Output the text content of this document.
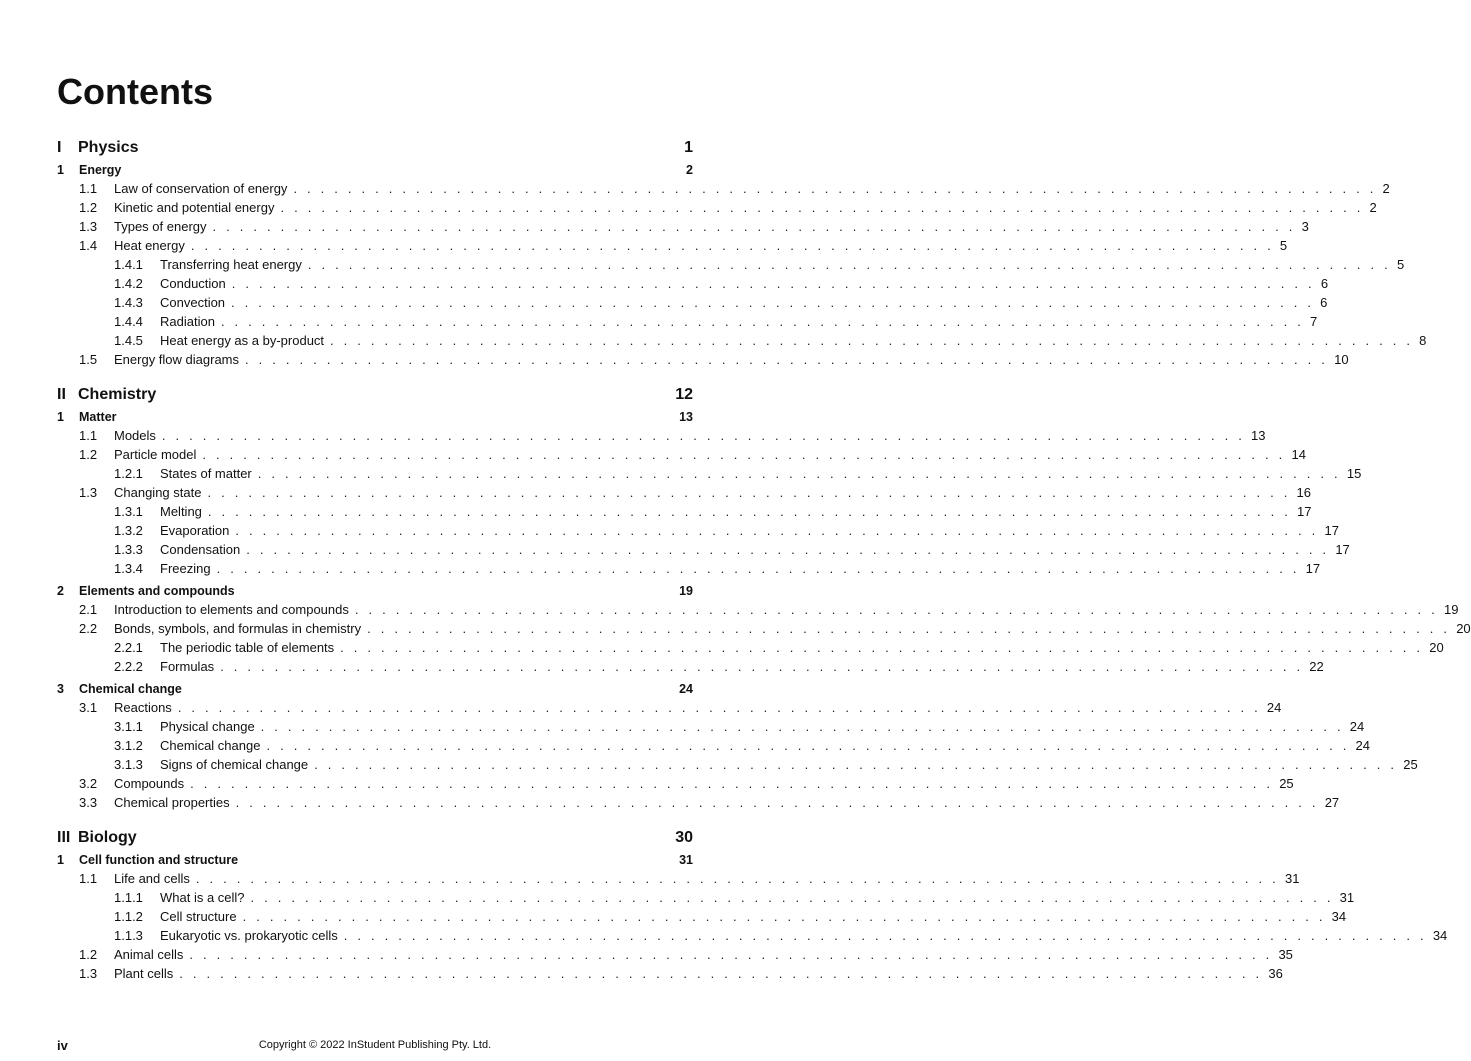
Contents
I	Physics	1
1	Energy	2
1.1	Law of conservation of energy . . . . . . . . . . . . . . . . . . . . . . . . . . . . . . . . . . . . . . . . . . . . . . . . . . . . . . . . . . . . . . . . . . . . . . . . . . . . . . . . 2
1.2	Kinetic and potential energy . . . . . . . . . . . . . . . . . . . . . . . . . . . . . . . . . . . . . . . . . . . . . . . . . . . . . . . . . . . . . . . . . . . . . . . . . . . . . . . . 2
1.3	Types of energy . . . . . . . . . . . . . . . . . . . . . . . . . . . . . . . . . . . . . . . . . . . . . . . . . . . . . . . . . . . . . . . . . . . . . . . . . . . . . . . . 3
1.4	Heat energy . . . . . . . . . . . . . . . . . . . . . . . . . . . . . . . . . . . . . . . . . . . . . . . . . . . . . . . . . . . . . . . . . . . . . . . . . . . . . . . . 5
1.4.1	Transferring heat energy . . . . . . . . . . . . . . . . . . . . . . . . . . . . . . . . . . . . . . . . . . . . . . . . . . . . . . . . . . . . . . . . . . . . . . . . . . . . . . . . 5
1.4.2	Conduction . . . . . . . . . . . . . . . . . . . . . . . . . . . . . . . . . . . . . . . . . . . . . . . . . . . . . . . . . . . . . . . . . . . . . . . . . . . . . . . . 6
1.4.3	Convection . . . . . . . . . . . . . . . . . . . . . . . . . . . . . . . . . . . . . . . . . . . . . . . . . . . . . . . . . . . . . . . . . . . . . . . . . . . . . . . . 6
1.4.4	Radiation . . . . . . . . . . . . . . . . . . . . . . . . . . . . . . . . . . . . . . . . . . . . . . . . . . . . . . . . . . . . . . . . . . . . . . . . . . . . . . . . 7
1.4.5	Heat energy as a by-product . . . . . . . . . . . . . . . . . . . . . . . . . . . . . . . . . . . . . . . . . . . . . . . . . . . . . . . . . . . . . . . . . . . . . . . . . . . . . . . . 8
1.5	Energy flow diagrams . . . . . . . . . . . . . . . . . . . . . . . . . . . . . . . . . . . . . . . . . . . . . . . . . . . . . . . . . . . . . . . . . . . . . . . . . . . . . . . . 10
II Chemistry	12
1	Matter	13
1.1	Models . . . . . . . . . . . . . . . . . . . . . . . . . . . . . . . . . . . . . . . . . . . . . . . . . . . . . . . . . . . . . . . . . . . . . . . . . . . . . . . . 13
1.2	Particle model . . . . . . . . . . . . . . . . . . . . . . . . . . . . . . . . . . . . . . . . . . . . . . . . . . . . . . . . . . . . . . . . . . . . . . . . . . . . . . . . 14
1.2.1	States of matter . . . . . . . . . . . . . . . . . . . . . . . . . . . . . . . . . . . . . . . . . . . . . . . . . . . . . . . . . . . . . . . . . . . . . . . . . . . . . . . . 15
1.3	Changing state . . . . . . . . . . . . . . . . . . . . . . . . . . . . . . . . . . . . . . . . . . . . . . . . . . . . . . . . . . . . . . . . . . . . . . . . . . . . . . . . 16
1.3.1	Melting . . . . . . . . . . . . . . . . . . . . . . . . . . . . . . . . . . . . . . . . . . . . . . . . . . . . . . . . . . . . . . . . . . . . . . . . . . . . . . . . 17
1.3.2	Evaporation . . . . . . . . . . . . . . . . . . . . . . . . . . . . . . . . . . . . . . . . . . . . . . . . . . . . . . . . . . . . . . . . . . . . . . . . . . . . . . . . 17
1.3.3	Condensation . . . . . . . . . . . . . . . . . . . . . . . . . . . . . . . . . . . . . . . . . . . . . . . . . . . . . . . . . . . . . . . . . . . . . . . . . . . . . . . . 17
1.3.4	Freezing . . . . . . . . . . . . . . . . . . . . . . . . . . . . . . . . . . . . . . . . . . . . . . . . . . . . . . . . . . . . . . . . . . . . . . . . . . . . . . . . 17
2	Elements and compounds	19
2.1	Introduction to elements and compounds . . . . . . . . . . . . . . . . . . . . . . . . . . . . . . . . . . . . . . . . . . . . . . . . . . . . . . . . . . . . . . . . . . . . . . . . . . . . . . . . 19
2.2	Bonds, symbols, and formulas in chemistry . . . . . . . . . . . . . . . . . . . . . . . . . . . . . . . . . . . . . . . . . . . . . . . . . . . . . . . . . . . . . . . . . . . . . . . . . . . . . . . . 20
2.2.1	The periodic table of elements . . . . . . . . . . . . . . . . . . . . . . . . . . . . . . . . . . . . . . . . . . . . . . . . . . . . . . . . . . . . . . . . . . . . . . . . . . . . . . . . 20
2.2.2	Formulas . . . . . . . . . . . . . . . . . . . . . . . . . . . . . . . . . . . . . . . . . . . . . . . . . . . . . . . . . . . . . . . . . . . . . . . . . . . . . . . . 22
3	Chemical change	24
3.1	Reactions . . . . . . . . . . . . . . . . . . . . . . . . . . . . . . . . . . . . . . . . . . . . . . . . . . . . . . . . . . . . . . . . . . . . . . . . . . . . . . . . 24
3.1.1	Physical change . . . . . . . . . . . . . . . . . . . . . . . . . . . . . . . . . . . . . . . . . . . . . . . . . . . . . . . . . . . . . . . . . . . . . . . . . . . . . . . . 24
3.1.2	Chemical change . . . . . . . . . . . . . . . . . . . . . . . . . . . . . . . . . . . . . . . . . . . . . . . . . . . . . . . . . . . . . . . . . . . . . . . . . . . . . . . . 24
3.1.3	Signs of chemical change . . . . . . . . . . . . . . . . . . . . . . . . . . . . . . . . . . . . . . . . . . . . . . . . . . . . . . . . . . . . . . . . . . . . . . . . . . . . . . . . 25
3.2	Compounds . . . . . . . . . . . . . . . . . . . . . . . . . . . . . . . . . . . . . . . . . . . . . . . . . . . . . . . . . . . . . . . . . . . . . . . . . . . . . . . . 25
3.3	Chemical properties . . . . . . . . . . . . . . . . . . . . . . . . . . . . . . . . . . . . . . . . . . . . . . . . . . . . . . . . . . . . . . . . . . . . . . . . . . . . . . . . 27
III Biology	30
1	Cell function and structure	31
1.1	Life and cells . . . . . . . . . . . . . . . . . . . . . . . . . . . . . . . . . . . . . . . . . . . . . . . . . . . . . . . . . . . . . . . . . . . . . . . . . . . . . . . . 31
1.1.1	What is a cell? . . . . . . . . . . . . . . . . . . . . . . . . . . . . . . . . . . . . . . . . . . . . . . . . . . . . . . . . . . . . . . . . . . . . . . . . . . . . . . . . 31
1.1.2	Cell structure . . . . . . . . . . . . . . . . . . . . . . . . . . . . . . . . . . . . . . . . . . . . . . . . . . . . . . . . . . . . . . . . . . . . . . . . . . . . . . . . 34
1.1.3	Eukaryotic vs. prokaryotic cells . . . . . . . . . . . . . . . . . . . . . . . . . . . . . . . . . . . . . . . . . . . . . . . . . . . . . . . . . . . . . . . . . . . . . . . . . . . . . . . . 34
1.2	Animal cells . . . . . . . . . . . . . . . . . . . . . . . . . . . . . . . . . . . . . . . . . . . . . . . . . . . . . . . . . . . . . . . . . . . . . . . . . . . . . . . . 35
1.3	Plant cells . . . . . . . . . . . . . . . . . . . . . . . . . . . . . . . . . . . . . . . . . . . . . . . . . . . . . . . . . . . . . . . . . . . . . . . . . . . . . . . . 36
iv	Copyright © 2022 InStudent Publishing Pty. Ltd.
